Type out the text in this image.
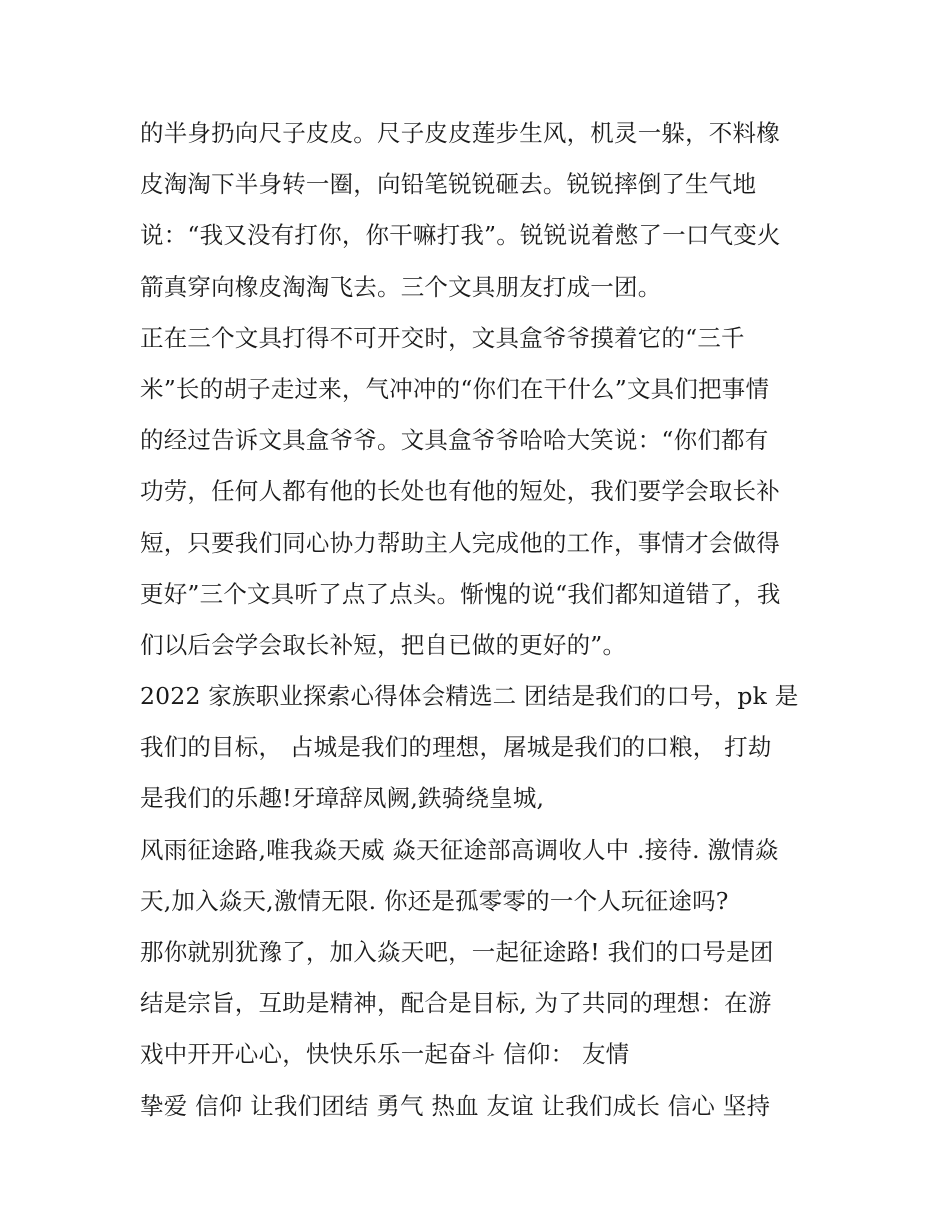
的半身扔向尺子皮皮。尺子皮皮莲步生风，机灵一躲，不料橡
皮淘淘下半身转一圈，向铅笔锐锐砸去。锐锐摔倒了生气地
说：“我又没有打你，你干嘛打我”。锐锐说着憋了一口气变火
箭真穿向橡皮淘淘飞去。三个文具朋友打成一团。
正在三个文具打得不可开交时，文具盒爷爷摸着它的“三千
米”长的胡子走过来，气冲冲的“你们在干什么”文具们把事情
的经过告诉文具盒爷爷。文具盒爷爷哈哈大笑说：“你们都有
功劳，任何人都有他的长处也有他的短处，我们要学会取长补
短，只要我们同心协力帮助主人完成他的工作，事情才会做得
更好”三个文具听了点了点头。惭愧的说“我们都知道错了，我
们以后会学会取长补短，把自已做的更好的”。
2022 家族职业探索心得体会精选二 团结是我们的口号，pk 是
我们的目标， 占城是我们的理想，屠城是我们的口粮， 打劫
是我们的乐趣!牙璋辞凤阙,鉄骑绕皇城,
风雨征途路,唯我焱天威 焱天征途部高调收人中 .接待. 激情焱
天,加入焱天,激情无限. 你还是孤零零的一个人玩征途吗?
那你就别犹豫了，加入焱天吧，一起征途路! 我们的口号是团
结是宗旨，互助是精神，配合是目标, 为了共同的理想：在游
戏中开开心心，快快乐乐一起奋斗 信仰： 友情
挚爱 信仰 让我们团结 勇气 热血 友谊 让我们成长 信心 坚持
